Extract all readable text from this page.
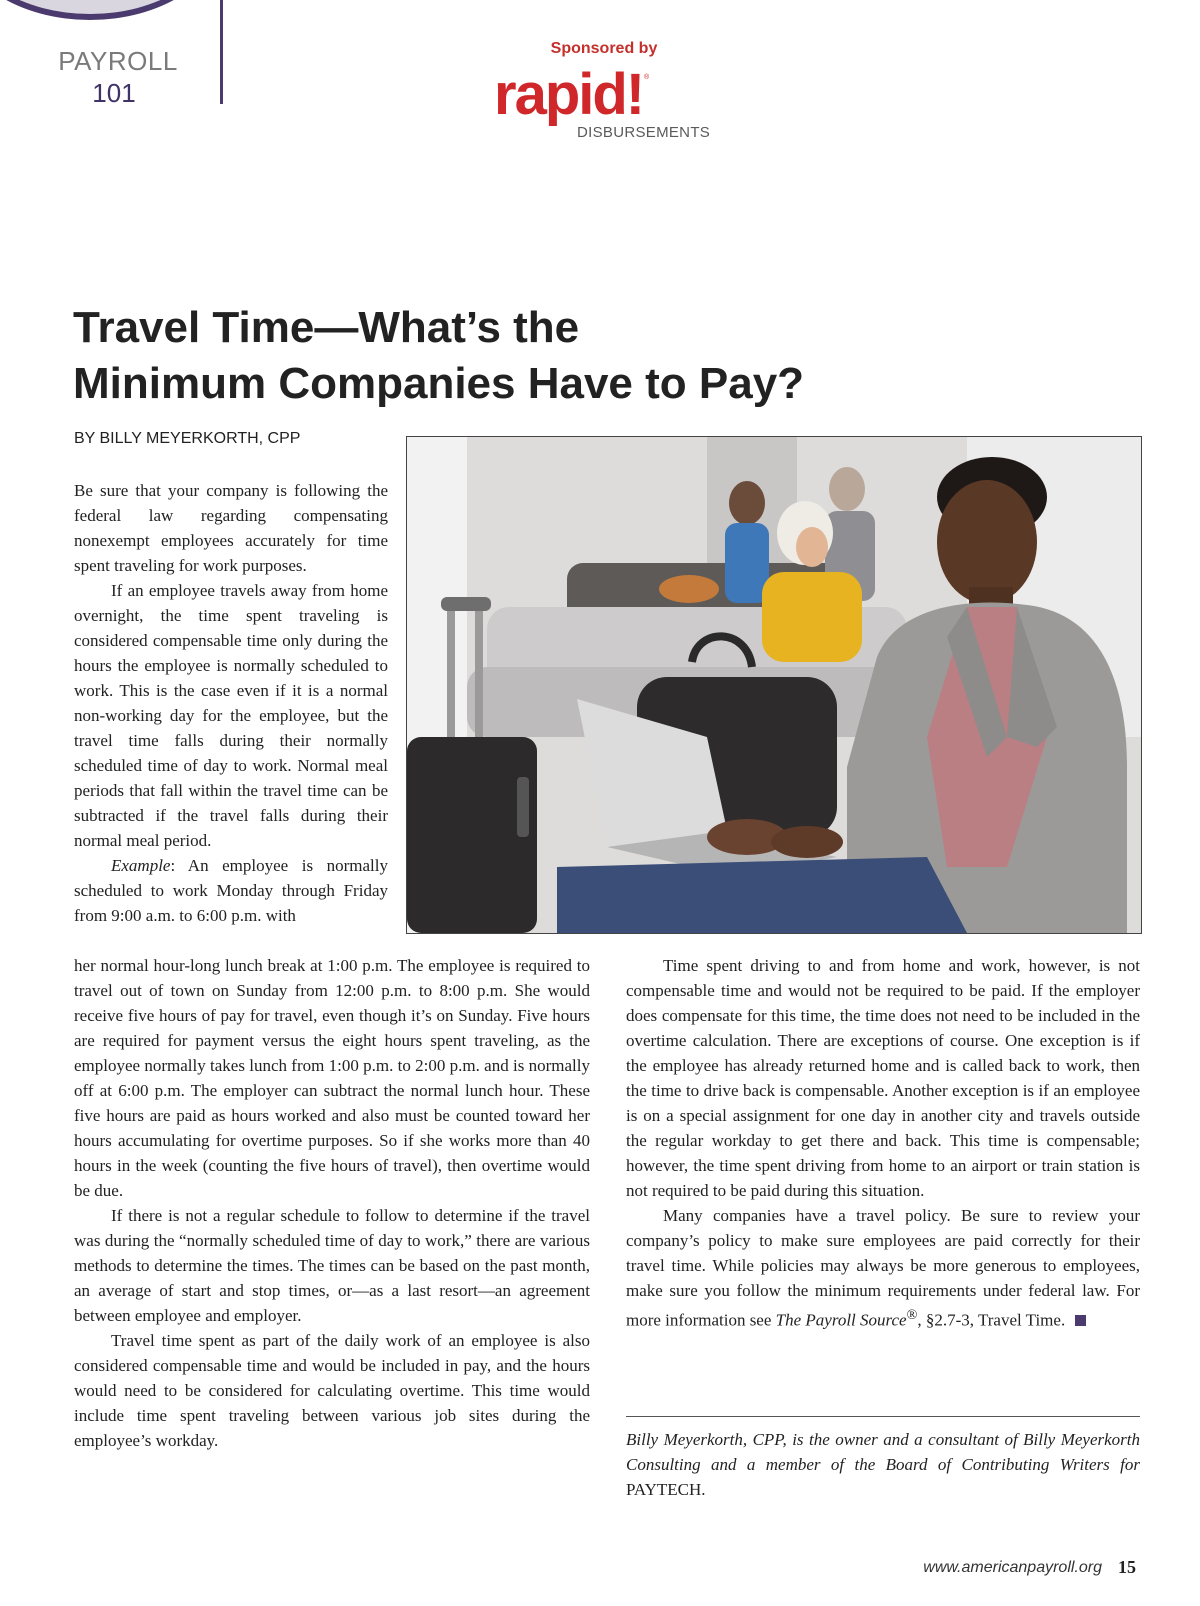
PAYROLL
101
Sponsored by
rapid! ®
DISBURSEMENTS
Travel Time—What’s the
Minimum Companies Have to Pay?
BY BILLY MEYERKORTH, CPP

Be sure that your company is following the federal law regarding compensating nonexempt employees accurately for time spent traveling for work purposes.

If an employee travels away from home overnight, the time spent traveling is considered compensable time only during the hours the employee is normally scheduled to work. This is the case even if it is a normal non-working day for the employee, but the travel time falls during their normally scheduled time of day to work. Normal meal periods that fall within the travel time can be subtracted if the travel falls during their normal meal period.

Example: An employee is normally scheduled to work Monday through Friday from 9:00 a.m. to 6:00 p.m. with

her normal hour-long lunch break at 1:00 p.m. The employee is required to travel out of town on Sunday from 12:00 p.m. to 8:00 p.m. She would receive five hours of pay for travel, even though it’s on Sunday. Five hours are required for payment versus the eight hours spent traveling, as the employee normally takes lunch from 1:00 p.m. to 2:00 p.m. and is normally off at 6:00 p.m. The employer can subtract the normal lunch hour. These five hours are paid as hours worked and also must be counted toward her hours accumulating for overtime purposes. So if she works more than 40 hours in the week (counting the five hours of travel), then overtime would be due.

If there is not a regular schedule to follow to determine if the travel was during the “normally scheduled time of day to work,” there are various methods to determine the times. The times can be based on the past month, an average of start and stop times, or—as a last resort—an agreement between employee and employer.

Travel time spent as part of the daily work of an employee is also considered compensable time and would be included in pay, and the hours would need to be considered for calculating overtime. This time would include time spent traveling between various job sites during the employee’s workday.

Time spent driving to and from home and work, however, is not compensable time and would not be required to be paid. If the employer does compensate for this time, the time does not need to be included in the overtime calculation. There are exceptions of course. One exception is if the employee has already returned home and is called back to work, then the time to drive back is compensable. Another exception is if an employee is on a special assignment for one day in another city and travels outside the regular workday to get there and back. This time is compensable; however, the time spent driving from home to an airport or train station is not required to be paid during this situation.

Many companies have a travel policy. Be sure to review your company’s policy to make sure employees are paid correctly for their travel time. While policies may always be more generous to employees, make sure you follow the minimum requirements under federal law. For more information see The Payroll Source®, §2.7-3, Travel Time.

Billy Meyerkorth, CPP, is the owner and a consultant of Billy Meyerkorth Consulting and a member of the Board of Contributing Writers for PAYTECH.

www.americanpayroll.org 15
